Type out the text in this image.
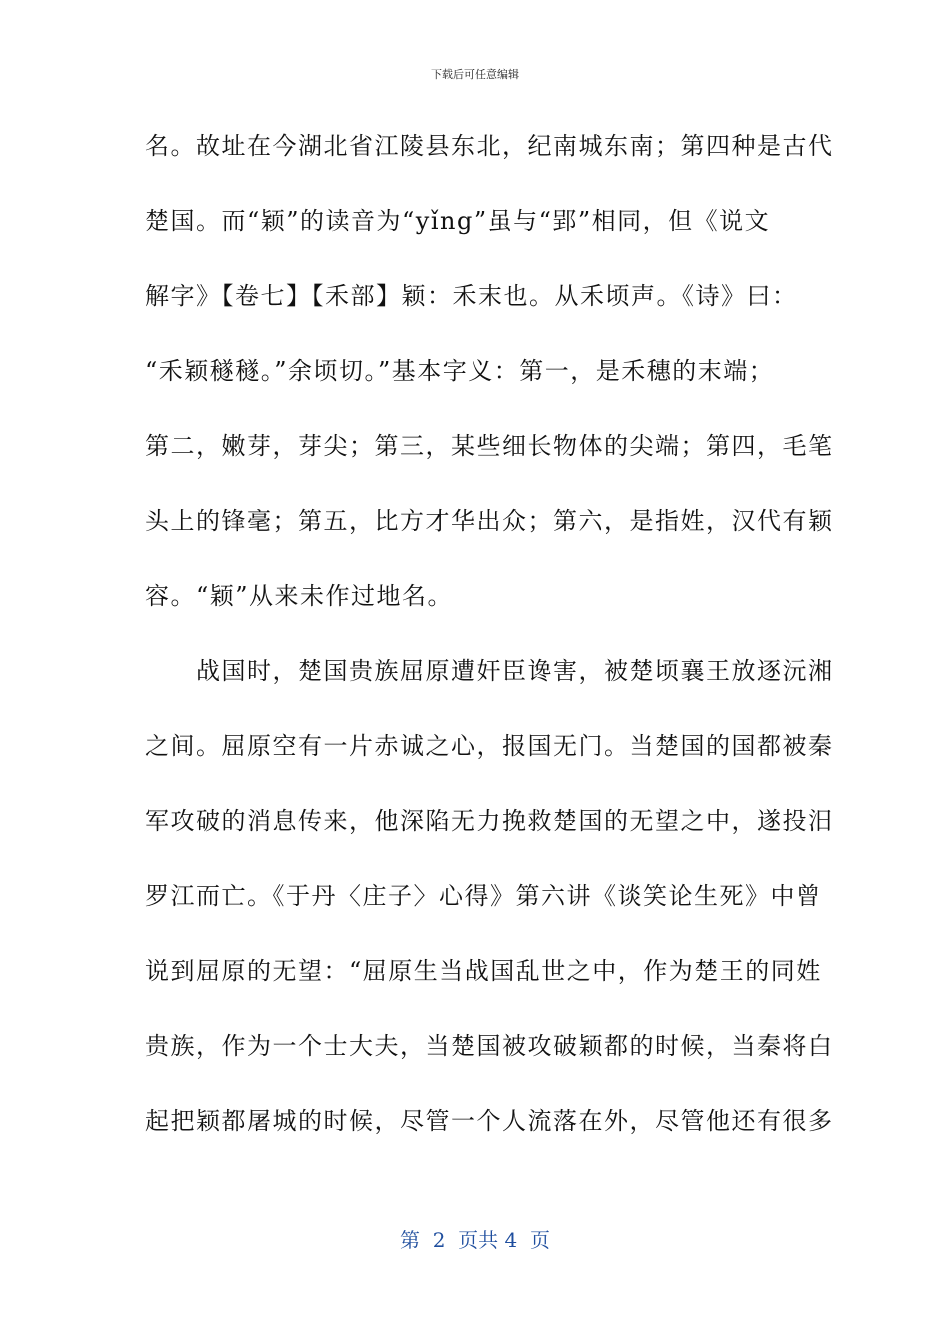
下载后可任意编辑
名。故址在今湖北省江陵县东北，纪南城东南；第四种是古代
楚国。而“颖”的读音为“yǐng”虽与“郢”相同，但《说文
解字》【卷七】【禾部】颖：禾末也。从禾顷声。《诗》曰：
“禾颖穟穟。”余顷切。”基本字义：第一，是禾穗的末端；
第二，嫩芽，芽尖；第三，某些细长物体的尖端；第四，毛笔
头上的锋毫；第五，比方才华出众；第六，是指姓，汉代有颖
容。“颖”从来未作过地名。
　　战国时，楚国贵族屈原遭奸臣谗害，被楚顷襄王放逐沅湘
之间。屈原空有一片赤诚之心，报国无门。当楚国的国都被秦
军攻破的消息传来，他深陷无力挽救楚国的无望之中，遂投汨
罗江而亡。《于丹〈庄子〉心得》第六讲《谈笑论生死》中曾
说到屈原的无望：“屈原生当战国乱世之中，作为楚王的同姓
贵族，作为一个士大夫，当楚国被攻破颖都的时候，当秦将白
起把颖都屠城的时候，尽管一个人流落在外，尽管他还有很多
第  2  页共 4  页
